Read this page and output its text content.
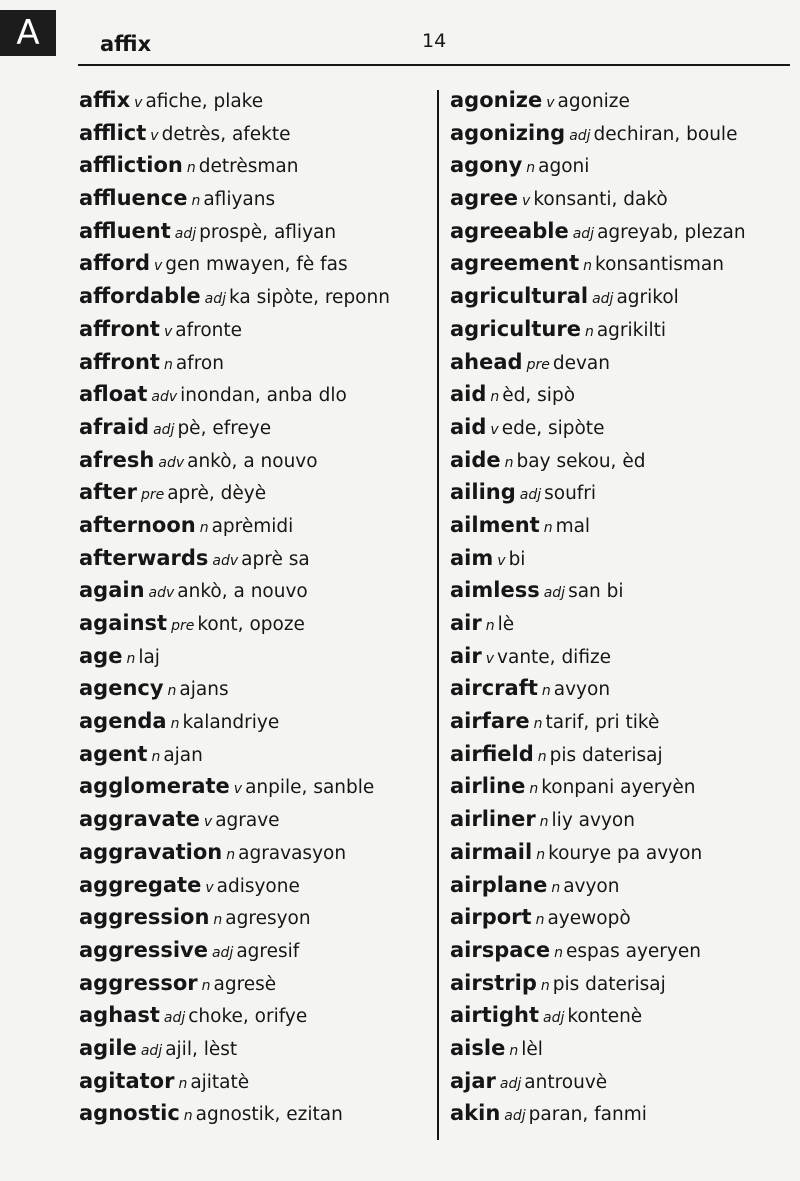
A	affix	14
affix v afiche, plake
afflict v detrès, afekte
affliction n detrèsman
affluence n afliyans
affluent adj prospè, afliyan
afford v gen mwayen, fè fas
affordable adj ka sipòte, reponn
affront v afronte
affront n afron
afloat adv inondan, anba dlo
afraid adj pè, efreye
afresh adv ankò, a nouvo
after pre aprè, dèyè
afternoon n aprèmidi
afterwards adv aprè sa
again adv ankò, a nouvo
against pre kont, opoze
age n laj
agency n ajans
agenda n kalandriye
agent n ajan
agglomerate v anpile, sanble
aggravate v agrave
aggravation n agravasyon
aggregate v adisyone
aggression n agresyon
aggressive adj agresif
aggressor n agresè
aghast adj choke, orifye
agile adj ajil, lèst
agitator n ajitatè
agnostic n agnostik, ezitan
agonize v agonize
agonizing adj dechiran, boule
agony n agoni
agree v konsanti, dakò
agreeable adj agreyab, plezan
agreement n konsantisman
agricultural adj agrikol
agriculture n agrikilti
ahead pre devan
aid n èd, sipò
aid v ede, sipòte
aide n bay sekou, èd
ailing adj soufri
ailment n mal
aim v bi
aimless adj san bi
air n lè
air v vante, difize
aircraft n avyon
airfare n tarif, pri tikè
airfield n pis daterisaj
airline n konpani ayeryèn
airliner n liy avyon
airmail n kourye pa avyon
airplane n avyon
airport n ayewopò
airspace n espas ayeryen
airstrip n pis daterisaj
airtight adj kontenè
aisle n lèl
ajar adj antrouvè
akin adj paran, fanmi
